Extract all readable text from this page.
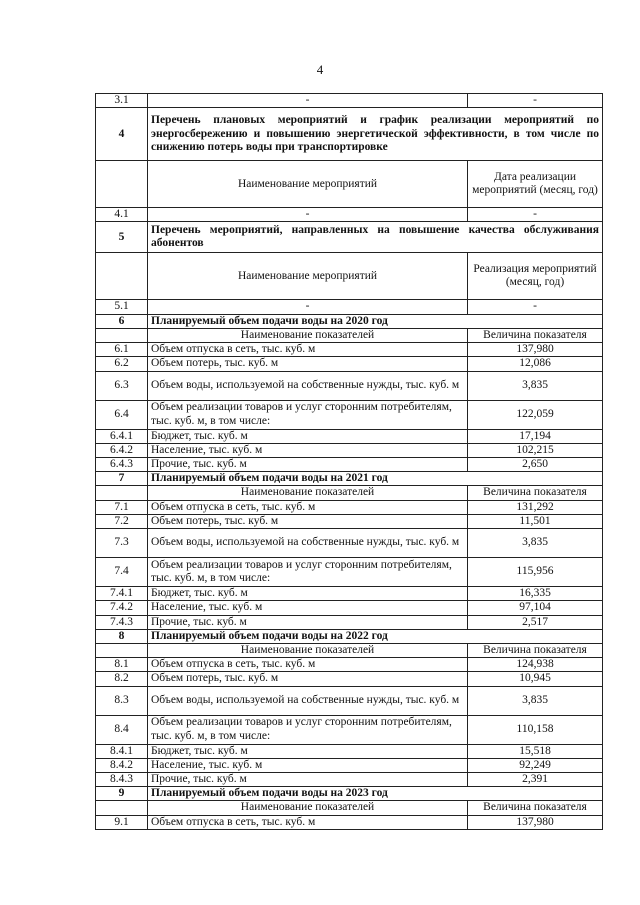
4
3.1	-	-
4	Перечень плановых мероприятий и график реализации мероприятий по энергосбережению и повышению энергетической эффективности, в том числе по снижению потерь воды при транспортировке	
	Наименование мероприятий	Дата реализации мероприятий (месяц, год)
4.1	-	-
5	Перечень мероприятий, направленных на повышение качества обслуживания абонентов	
	Наименование мероприятий	Реализация мероприятий (месяц, год)
5.1	-	-
6	Планируемый объем подачи воды на 2020 год	
	Наименование показателей	Величина показателя
6.1	Объем отпуска в сеть, тыс. куб. м	137,980
6.2	Объем потерь, тыс. куб. м	12,086
6.3	Объем воды, используемой на собственные нужды, тыс. куб. м	3,835
6.4	Объем реализации товаров и услуг сторонним потребителям, тыс. куб. м, в том числе:	122,059
6.4.1	Бюджет, тыс. куб. м	17,194
6.4.2	Население, тыс. куб. м	102,215
6.4.3	Прочие, тыс. куб. м	2,650
7	Планируемый объем подачи воды на 2021 год	
	Наименование показателей	Величина показателя
7.1	Объем отпуска в сеть, тыс. куб. м	131,292
7.2	Объем потерь, тыс. куб. м	11,501
7.3	Объем воды, используемой на собственные нужды, тыс. куб. м	3,835
7.4	Объем реализации товаров и услуг сторонним потребителям, тыс. куб. м, в том числе:	115,956
7.4.1	Бюджет, тыс. куб. м	16,335
7.4.2	Население, тыс. куб. м	97,104
7.4.3	Прочие, тыс. куб. м	2,517
8	Планируемый объем подачи воды на 2022 год	
	Наименование показателей	Величина показателя
8.1	Объем отпуска в сеть, тыс. куб. м	124,938
8.2	Объем потерь, тыс. куб. м	10,945
8.3	Объем воды, используемой на собственные нужды, тыс. куб. м	3,835
8.4	Объем реализации товаров и услуг сторонним потребителям, тыс. куб. м, в том числе:	110,158
8.4.1	Бюджет, тыс. куб. м	15,518
8.4.2	Население, тыс. куб. м	92,249
8.4.3	Прочие, тыс. куб. м	2,391
9	Планируемый объем подачи воды на 2023 год	
	Наименование показателей	Величина показателя
9.1	Объем отпуска в сеть, тыс. куб. м	137,980
